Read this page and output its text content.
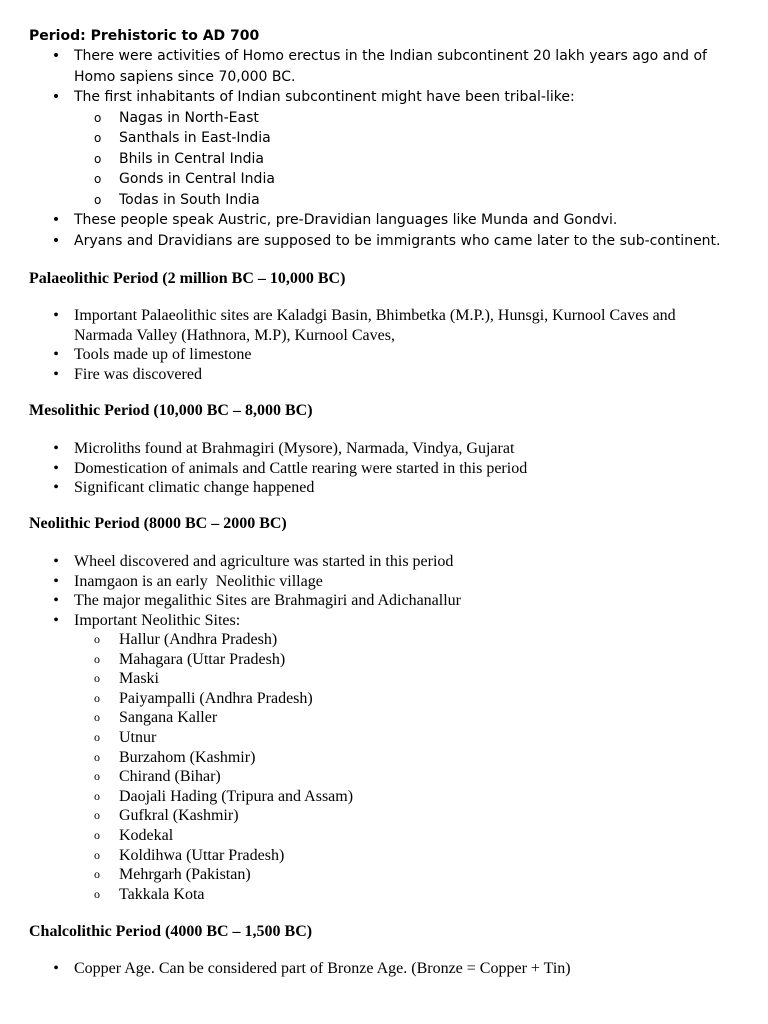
Period: Prehistoric to AD 700
• There were activities of Homo erectus in the Indian subcontinent 20 lakh years ago and of Homo sapiens since 70,000 BC.
• The first inhabitants of Indian subcontinent might have been tribal-like:
o Nagas in North-East
o Santhals in East-India
o Bhils in Central India
o Gonds in Central India
o Todas in South India
• These people speak Austric, pre-Dravidian languages like Munda and Gondvi.
• Aryans and Dravidians are supposed to be immigrants who came later to the sub-continent.
Palaeolithic Period (2 million BC – 10,000 BC)
• Important Palaeolithic sites are Kaladgi Basin, Bhimbetka (M.P.), Hunsgi, Kurnool Caves and Narmada Valley (Hathnora, M.P), Kurnool Caves,
• Tools made up of limestone
• Fire was discovered
Mesolithic Period (10,000 BC – 8,000 BC)
• Microliths found at Brahmagiri (Mysore), Narmada, Vindya, Gujarat
• Domestication of animals and Cattle rearing were started in this period
• Significant climatic change happened
Neolithic Period (8000 BC – 2000 BC)
• Wheel discovered and agriculture was started in this period
• Inamgaon is an early  Neolithic village
• The major megalithic Sites are Brahmagiri and Adichanallur
• Important Neolithic Sites:
o Hallur (Andhra Pradesh)
o Mahagara (Uttar Pradesh)
o Maski
o Paiyampalli (Andhra Pradesh)
o Sangana Kaller
o Utnur
o Burzahom (Kashmir)
o Chirand (Bihar)
o Daojali Hading (Tripura and Assam)
o Gufkral (Kashmir)
o Kodekal
o Koldihwa (Uttar Pradesh)
o Mehrgarh (Pakistan)
o Takkala Kota
Chalcolithic Period (4000 BC – 1,500 BC)
• Copper Age. Can be considered part of Bronze Age. (Bronze = Copper + Tin)
